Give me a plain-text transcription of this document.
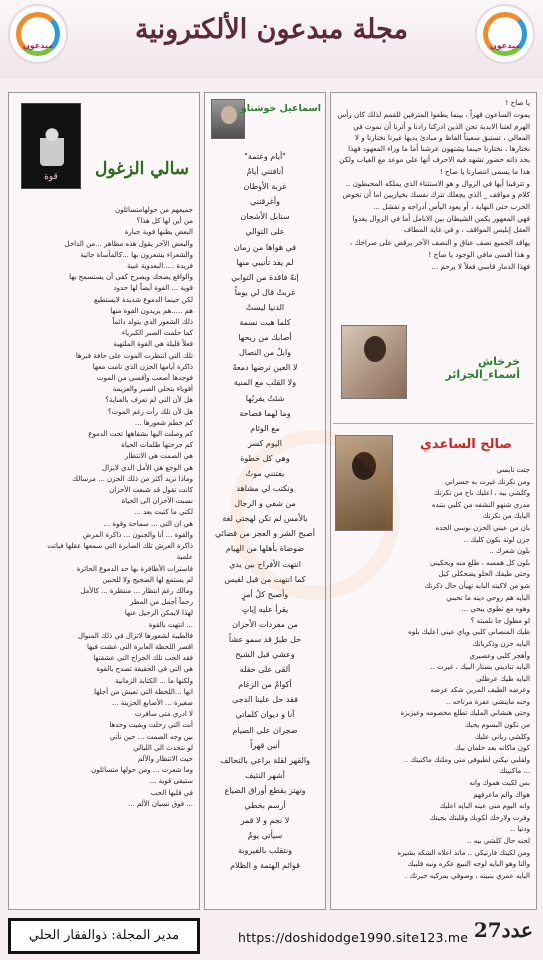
مبدعون
مجلة مبدعون الألكترونية
مبدعون
قوة	سالي الزغول

جميعهم من حولهامتسائلون

من أين لها كل هذا؟

البعض يظنها قوية جبارة

والبعض الآخر يقول هذه مظاهر ...من الداخل

والشعراء يشعرون بها ...كالمأساة جاثية

فريدة .....البعدوية غبية

والواقع يضحك ويصرخ كفى أن يستسمح بها

قوية ... القوة أيضاً لها حدود

لكن حينما الدموع شديدة لايستطيع

هم .....هم يريدون القوة منها

ذلك الشعور الذي يتولد دائماً

كما حلمت الصبر الكبرياء

فعلاً قليلة هي القوة الملتهبة

تلك التي انتظرت الموت على حافة قبرها

ذاكرة أيامها الحزن الذي نامت معها

فوجدها أصعب وأقسى من الموت

أقوياء بتحلي الصبر والعزيمة

هل لأن التي لم تعرف بالعناية؟

هل لأن تلك رأت رغم الموت؟

كم حطم شعورها ...

كم وصلت اليها بشفاهها تحت الدموع

كم جرحتها ظلمات الحياة

هي الصمت هي الانتظار

هي الوجع هي الأمل الذي لايزال

وماذا تريد أكثر من ذلك الحزن ... مرسالك

كانت تقول قد شبعت الأحزان

نسبت الأحزان الى الحياة

لكني ما كتبت بعد ...

هي ان التي ... سماحة وقوة ...

والقوة ... أنا والجنون ... ذاكرة المرض

ذاكرة العرش تلك الصابرة التي سمعها عقلها فباتت

علمية

فاسترات الأظافرة بها حد الدموع الحائرة

لم يستمع لها الضجيج ولا للحنين

ومالك رغم انتظار ... منتظرة ... كالأمل

رحماً أجمل من المطر

لهذا لايمكن الرحيل عنها

... انتهت بالقوة

فالطيبة لشعورها لاتزال في ذلك المنوال

اقصر اللحظة العابرة التي عشت فيها

فقد الحب تلك الجراح التي عشقتها

هي التي في الحقيقة تصدح بالقوة

ولكنها ما ... الكتابة الزمانية

انها ...اللحظة التي تعيش من أجلها

صغيرة ... الأصابع الحزينة ...

لا ادري متى سافرت

أنت التي رحلت وبقيت وحدها

بين وجه الصمت ... حين نأتي

لو نتحدث الى الليالي

حيث الانتظار والألم

وما شعرت ... ومن حولها متسائلون

ستبقى قوية ...

في قلبها الحب

... فوق نسيان الألم ...

اسماعيل خوشناو

"أيام وعتمة"

أنافتني أيامٌ

غربة الأوطان

وأغرقتني

سنابل الأشجان

على التوالي

في هواها من زمان

لم يفد تأنيبي منها

إنهّ فاقدة من التوابي

غربتْ قال لي يوماً

الدنيا ليستْ

كلما هبت نسمة

أصابك من ريحها

وابلٌ من النصال

لا العين ترضها دمعةً

ولا القلب مع المنية

شئتُ يقربُها

وما لهما فصاحة

مع الوئام

اليوم كسر

وهي كل خطوة

يفتنني موتٌ

ونكتب لي مشاهد

من شفي و الرجال

بالأمس لم تكن لهجتي لغة

أصبح الشر و العجز من قضائي

ضوضاة بأهلها من الهيام

انتهت الأفراح بين يدي

كما انتهت من قبل لقيس

وأصبح كلُ أمرٍ

يقرأ عليه إياتٍ

من مفردات الأحزان

حل طيرٌ قد سمو عشاً

وعشي قبل الشبح

ألقى على حقله

أكوامٌ من الزغام

فقد حل علينا الدجى

أنا و ديوان كلماتي

ضجران على الصيام

أنين قهراً

والقهر لقلة براعي بالتحالف

أشهر النثيف

وتهتز بقطع أوراق الضياع

أرسم بخطي

لا نجم و لا قمر

سيأتي يومٌ

ونتقلب بالفيروبة

قوائم الهتمة و الظلام

يا صاح !

يموت الساعون قهراً ، بينما يطفوا المترفين للقمم لذلك كان رأس الهرم لغتنا الابدية نحن الذين ادركنا رادنا و أثرنا أن نموت في المعالي ، تستبق سعيناً الفاظ و مبادئ يديها غيرنا نختارنا و لا نختارها ، نختارنا حينما يشتهون عرشنا أما ما وراء المعهود فهذا بحد ذاته حضور تشهد فيه الاحرف أنها علي موعد مع الغياب ولكن هذا ما يسمى انتصارنا يا صاح !

و تترقبنا أيها في الزوال و هو الاستثناء الذي يملكه المحبطون .. كلام و مواقف _ الذي يجعلك تترك نفسك بخياريين اما أن تخوض الحرب حتى النهاية ، أو يعود اليأس أدراجه و تفشل ...

فهي المعهور يكمن الشيطان بين الانامل أما في الزوال يغدوا العقل إبليس المواقف ، و في غاية المطاف

يهاقد الجميع نصف عناق و النصف الآخر يرقص على صراخك ،

و هذا أقسى مافي الوجود يا صاح !

فهذا الدمار قاسي فعلاً لا يرحم ...

خرخاش أسماء_الجزائر
صالح الساعدي

جنت نابسي

ومن نكرتك غيرت به جسراني

وكلشي بيه ، اعليك ناح من نكرتك

مدري شنهو النشفه من كلبي بتنده

البايك من نكرتك

بان من عيني الحزن نوسى الحده

حزن لوثة بكون كليك ..

بلون شعرك ..

بلون كل همسه ، طلع منه ويحكيني

وحتى طيفك الحلو يضحكلي كيل

شو من لاكيته البايه تهيأن حال ذكرتك

البايه هم روحي دينه ما تحبني

وهوه مع تطوي يبجي ...

لو مطول جا نلمبته ؟

ظيك المنصاني كلبي وياي عيني اعليك بلوه

البايه حزن وذكرياتك

وأهجر كلبي وعصيري

البايه تناديني بسنار البيك ، غيرت ..

البايه ظيك عرظلي

وعرضه الطيف المرين شكد عرضه

وحنه ماينشي عفرة مرتاحه ..

وحتى هنشاني المليك تطلع مخصومه وعيزيزة

من نكون البسوم يحبك

وكلشي رباني عليك

كون ماكانه بعد حلمان بيك

ولقلبي نيكني لطيوفي مني وملتك ماكنيتك ..

... ماكنيتك

بس لكيت هموك وانه

هواك والم ماعرفهم

وانه اليوم مني عينه البايه اعليك

وفرت ولارحك لكوبك وقلبتك بجيتك

ودنيا ..

لحنه حال كلشي بيه ..

ومن لكيتك فارتيكي .. ماتذ اعلاه الشكه بشيره

والنا وهو البايه لوجه النبيع عكره ونيه فلبيك

البايه عمري بنبيته ، وصوفي بمركيه خيرتك .

مدير المجلة: ذوالفقار الحلي	https://doshidodge1990.site123.me عدد27
